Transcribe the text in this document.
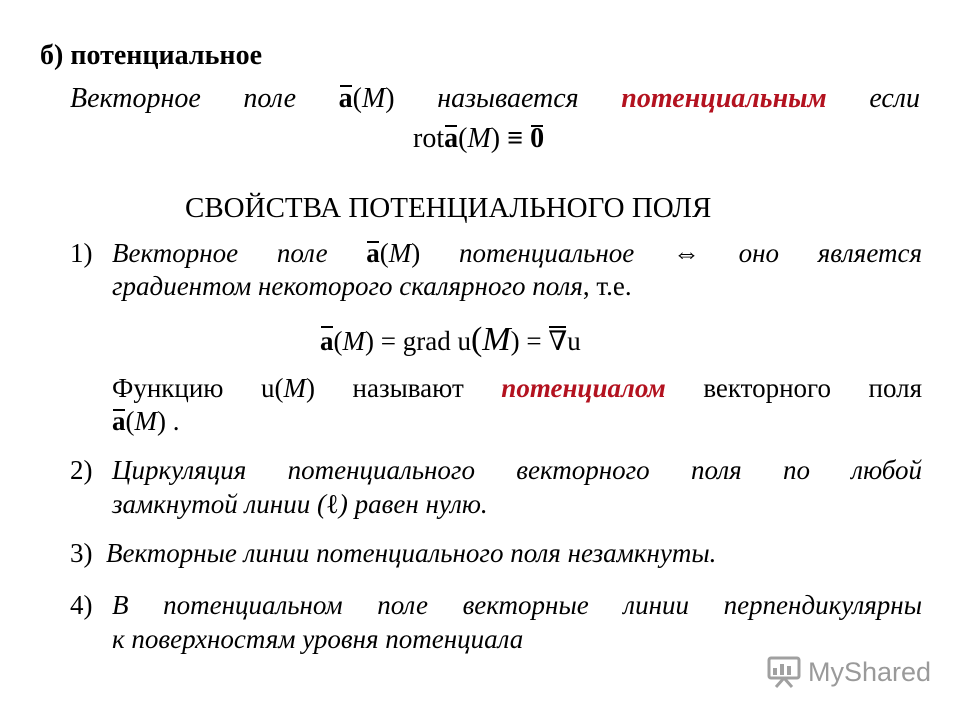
б) потенциальное
Векторное поле a(M) называется потенциальным если
rota(M) ≡ 0
СВОЙСТВА ПОТЕНЦИАЛЬНОГО ПОЛЯ
1) Векторное поле a(M) потенциальное ⇔ оно является
градиентом некоторого скалярного поля, т.е.
a(M) = grad u(M) = ∇u
Функцию u(M) называют потенциалом векторного поля
a(M) .
2) Циркуляция потенциального векторного поля по любой
замкнутой линии (ℓ) равен нулю.
3) Векторные линии потенциального поля незамкнуты.
4) В потенциальном поле векторные линии перпендикулярны
к поверхностям уровня потенциала
MyShared
